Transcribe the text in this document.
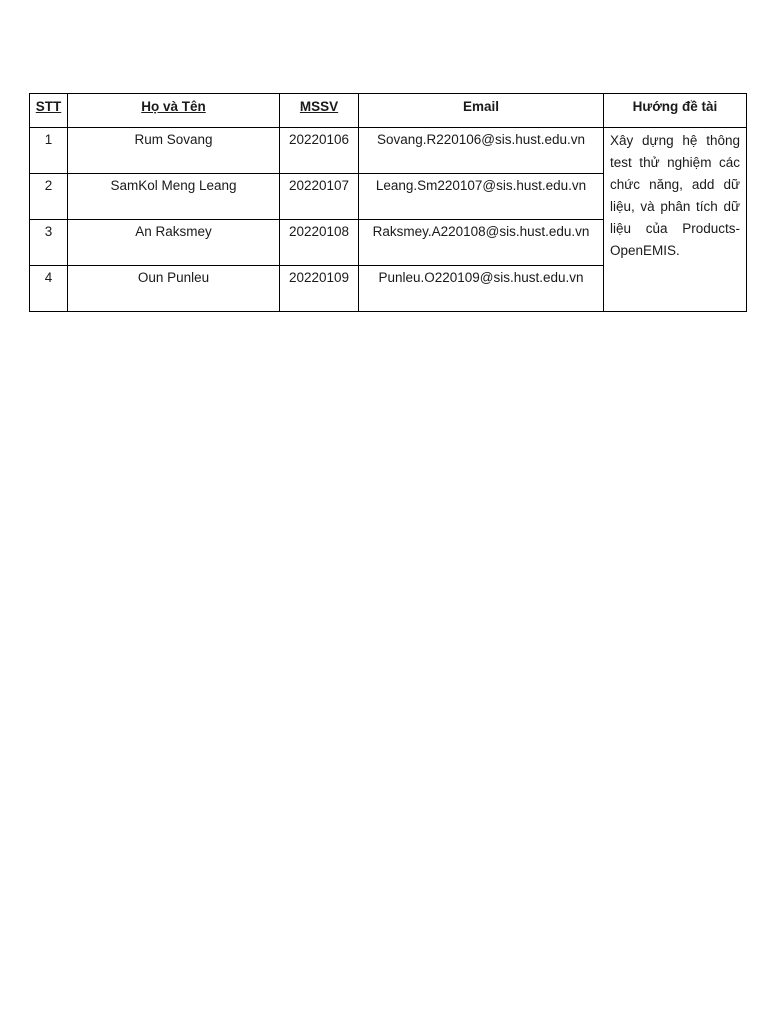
STT	Họ và Tên	MSSV	Email	Hướng đề tài
1	Rum Sovang	20220106	Sovang.R220106@sis.hust.edu.vn	Xây dựng hệ thông test thử nghiệm các chức năng, add dữ liệu, và phân tích dữ liệu của Products-OpenEMIS.
2	SamKol Meng Leang	20220107	Leang.Sm220107@sis.hust.edu.vn	
3	An Raksmey	20220108	Raksmey.A220108@sis.hust.edu.vn	
4	Oun Punleu	20220109	Punleu.O220109@sis.hust.edu.vn	
